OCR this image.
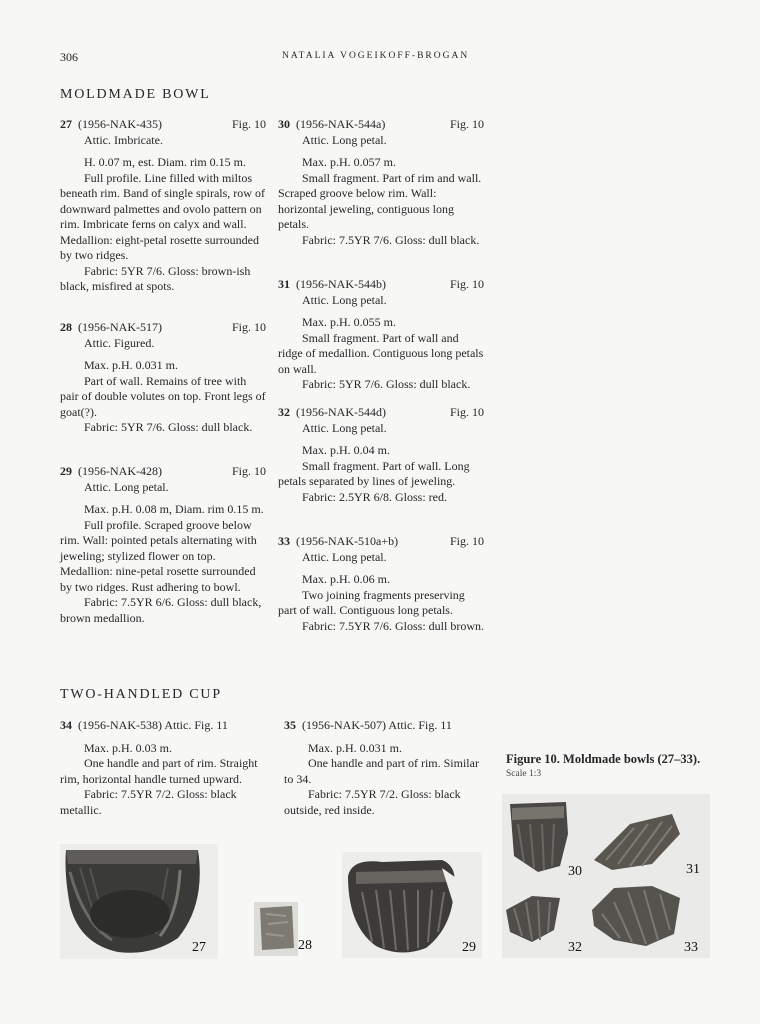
306	NATALIA VOGEIKOFF-BROGAN
MOLDMADE BOWL
27 (1956-NAK-435)	Fig. 10
Attic. Imbricate.

H. 0.07 m, est. Diam. rim 0.15 m.

Full profile. Line filled with miltos beneath rim. Band of single spirals, row of downward palmettes and ovolo pattern on rim. Imbricate ferns on calyx and wall. Medallion: eight-petal rosette surrounded by two ridges.

Fabric: 5YR 7/6. Gloss: brown-ish black, misfired at spots.

28 (1956-NAK-517)	Fig. 10
Attic. Figured.

Max. p.H. 0.031 m.

Part of wall. Remains of tree with pair of double volutes on top. Front legs of goat(?).

Fabric: 5YR 7/6. Gloss: dull black.

29 (1956-NAK-428)	Fig. 10
Attic. Long petal.

Max. p.H. 0.08 m, Diam. rim 0.15 m.

Full profile. Scraped groove below rim. Wall: pointed petals alternating with jeweling; stylized flower on top. Medallion: nine-petal rosette surrounded by two ridges. Rust adhering to bowl.

Fabric: 7.5YR 6/6. Gloss: dull black, brown medallion.

30 (1956-NAK-544a)	Fig. 10
Attic. Long petal.

Max. p.H. 0.057 m.

Small fragment. Part of rim and wall. Scraped groove below rim. Wall: horizontal jeweling, contiguous long petals.

Fabric: 7.5YR 7/6. Gloss: dull black.

31 (1956-NAK-544b)	Fig. 10
Attic. Long petal.

Max. p.H. 0.055 m.

Small fragment. Part of wall and ridge of medallion. Contiguous long petals on wall.

Fabric: 5YR 7/6. Gloss: dull black.

32 (1956-NAK-544d)	Fig. 10
Attic. Long petal.

Max. p.H. 0.04 m.

Small fragment. Part of wall. Long petals separated by lines of jeweling.

Fabric: 2.5YR 6/8. Gloss: red.

33 (1956-NAK-510a+b)	Fig. 10
Attic. Long petal.

Max. p.H. 0.06 m.

Two joining fragments preserving part of wall. Contiguous long petals.

Fabric: 7.5YR 7/6. Gloss: dull brown.

TWO-HANDLED CUP
34 (1956-NAK-538) Attic. Fig. 11

Max. p.H. 0.03 m.

One handle and part of rim. Straight rim, horizontal handle turned upward.

Fabric: 7.5YR 7/2. Gloss: black metallic.

35 (1956-NAK-507) Attic. Fig. 11

Max. p.H. 0.031 m.

One handle and part of rim. Similar to 34.

Fabric: 7.5YR 7/2. Gloss: black outside, red inside.

Figure 10. Moldmade bowls (27–33).
Scale 1:3
27	28	29
30	31
32	33
